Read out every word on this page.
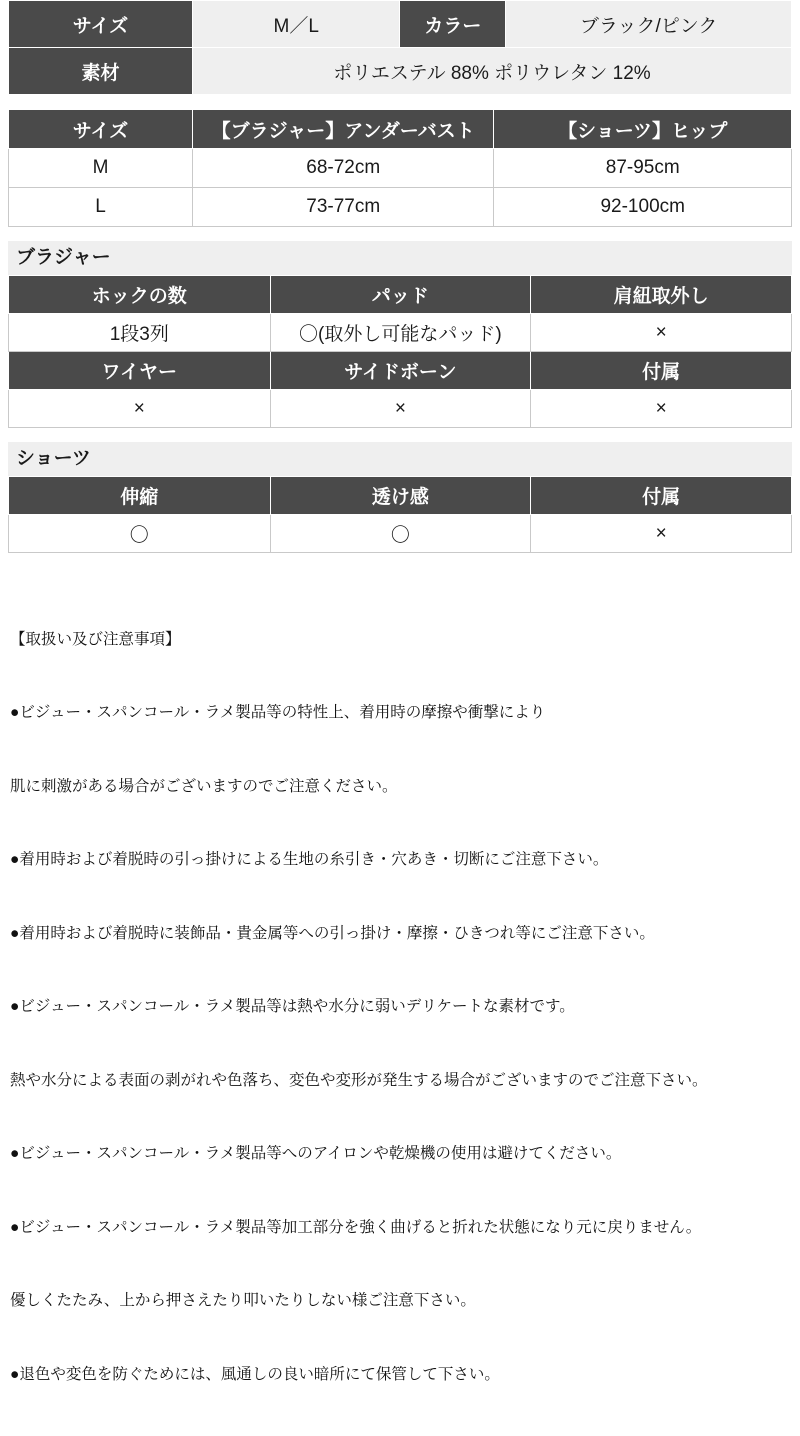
サイズ	M／L	カラー	ブラック/ピンク
素材	ポリエステル 88% ポリウレタン 12%		
サイズ	【ブラジャー】アンダーバスト	【ショーツ】ヒップ
M	68-72cm	87-95cm
L	73-77cm	92-100cm
ブラジャー
ホックの数	パッド	肩紐取外し
1段3列	〇(取外し可能なパッド)	×
ワイヤー	サイドボーン	付属
×	×	×
ショーツ
伸縮	透け感	付属
〇	〇	×

【取扱い及び注意事項】

●ビジュー・スパンコール・ラメ製品等の特性上、着用時の摩擦や衝撃により

肌に刺激がある場合がございますのでご注意ください。

●着用時および着脱時の引っ掛けによる生地の糸引き・穴あき・切断にご注意下さい。

●着用時および着脱時に装飾品・貴金属等への引っ掛け・摩擦・ひきつれ等にご注意下さい。

●ビジュー・スパンコール・ラメ製品等は熱や水分に弱いデリケートな素材です。

熱や水分による表面の剥がれや色落ち、変色や変形が発生する場合がございますのでご注意下さい。

●ビジュー・スパンコール・ラメ製品等へのアイロンや乾燥機の使用は避けてください。

●ビジュー・スパンコール・ラメ製品等加工部分を強く曲げると折れた状態になり元に戻りません。

優しくたたみ、上から押さえたり叩いたりしない様ご注意下さい。

●退色や変色を防ぐためには、風通しの良い暗所にて保管して下さい。
